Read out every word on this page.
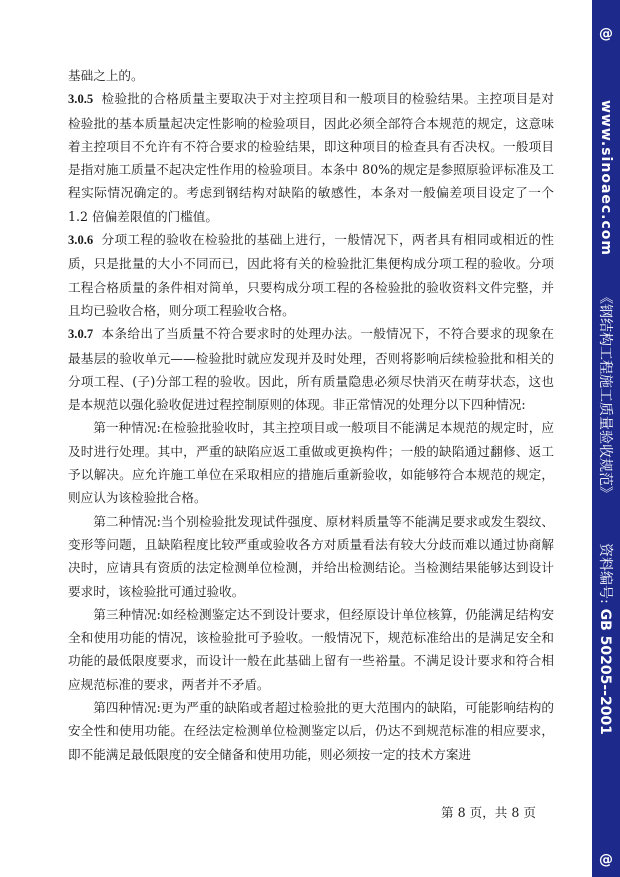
基础之上的。

3.0.5 检验批的合格质量主要取决于对主控项目和一般项目的检验结果。主控项目是对检验批的基本质量起决定性影响的检验项目，因此必须全部符合本规范的规定，这意味着主控项目不允许有不符合要求的检验结果，即这种项目的检查具有否决权。一般项目是指对施工质量不起决定性作用的检验项目。本条中 80%的规定是参照原验评标准及工程实际情况确定的。考虑到钢结构对缺陷的敏感性，本条对一般偏差项目设定了一个 1.2 倍偏差限值的门槛值。

3.0.6 分项工程的验收在检验批的基础上进行，一般情况下，两者具有相同或相近的性质，只是批量的大小不同而已，因此将有关的检验批汇集便构成分项工程的验收。分项工程合格质量的条件相对简单，只要构成分项工程的各检验批的验收资料文件完整，并且均已验收合格，则分项工程验收合格。

3.0.7 本条给出了当质量不符合要求时的处理办法。一般情况下，不符合要求的现象在最基层的验收单元——检验批时就应发现并及时处理，否则将影响后续检验批和相关的分项工程、(子)分部工程的验收。因此，所有质量隐患必须尽快消灭在萌芽状态，这也是本规范以强化验收促进过程控制原则的体现。非正常情况的处理分以下四种情况:

第一种情况:在检验批验收时，其主控项目或一般项目不能满足本规范的规定时，应及时进行处理。其中，严重的缺陷应返工重做或更换构件；一般的缺陷通过翻修、返工予以解决。应允许施工单位在采取相应的措施后重新验收，如能够符合本规范的规定，则应认为该检验批合格。

第二种情况:当个别检验批发现试件强度、原材料质量等不能满足要求或发生裂纹、变形等问题，且缺陷程度比较严重或验收各方对质量看法有较大分歧而难以通过协商解决时，应请具有资质的法定检测单位检测，并给出检测结论。当检测结果能够达到设计要求时，该检验批可通过验收。

第三种情况:如经检测鉴定达不到设计要求，但经原设计单位核算，仍能满足结构安全和使用功能的情况，该检验批可予验收。一般情况下，规范标准给出的是满足安全和功能的最低限度要求，而设计一般在此基础上留有一些裕量。不满足设计要求和符合相应规范标准的要求，两者并不矛盾。

第四种情况:更为严重的缺陷或者超过检验批的更大范围内的缺陷，可能影响结构的安全性和使用功能。在经法定检测单位检测鉴定以后，仍达不到规范标准的相应要求，即不能满足最低限度的安全储备和使用功能，则必须按一定的技术方案进

第 8 页，共 8 页
@
www.sinoaec.com
《钢结构工程施工质量验收规范》
资料编号: GB 50205--2001
@
